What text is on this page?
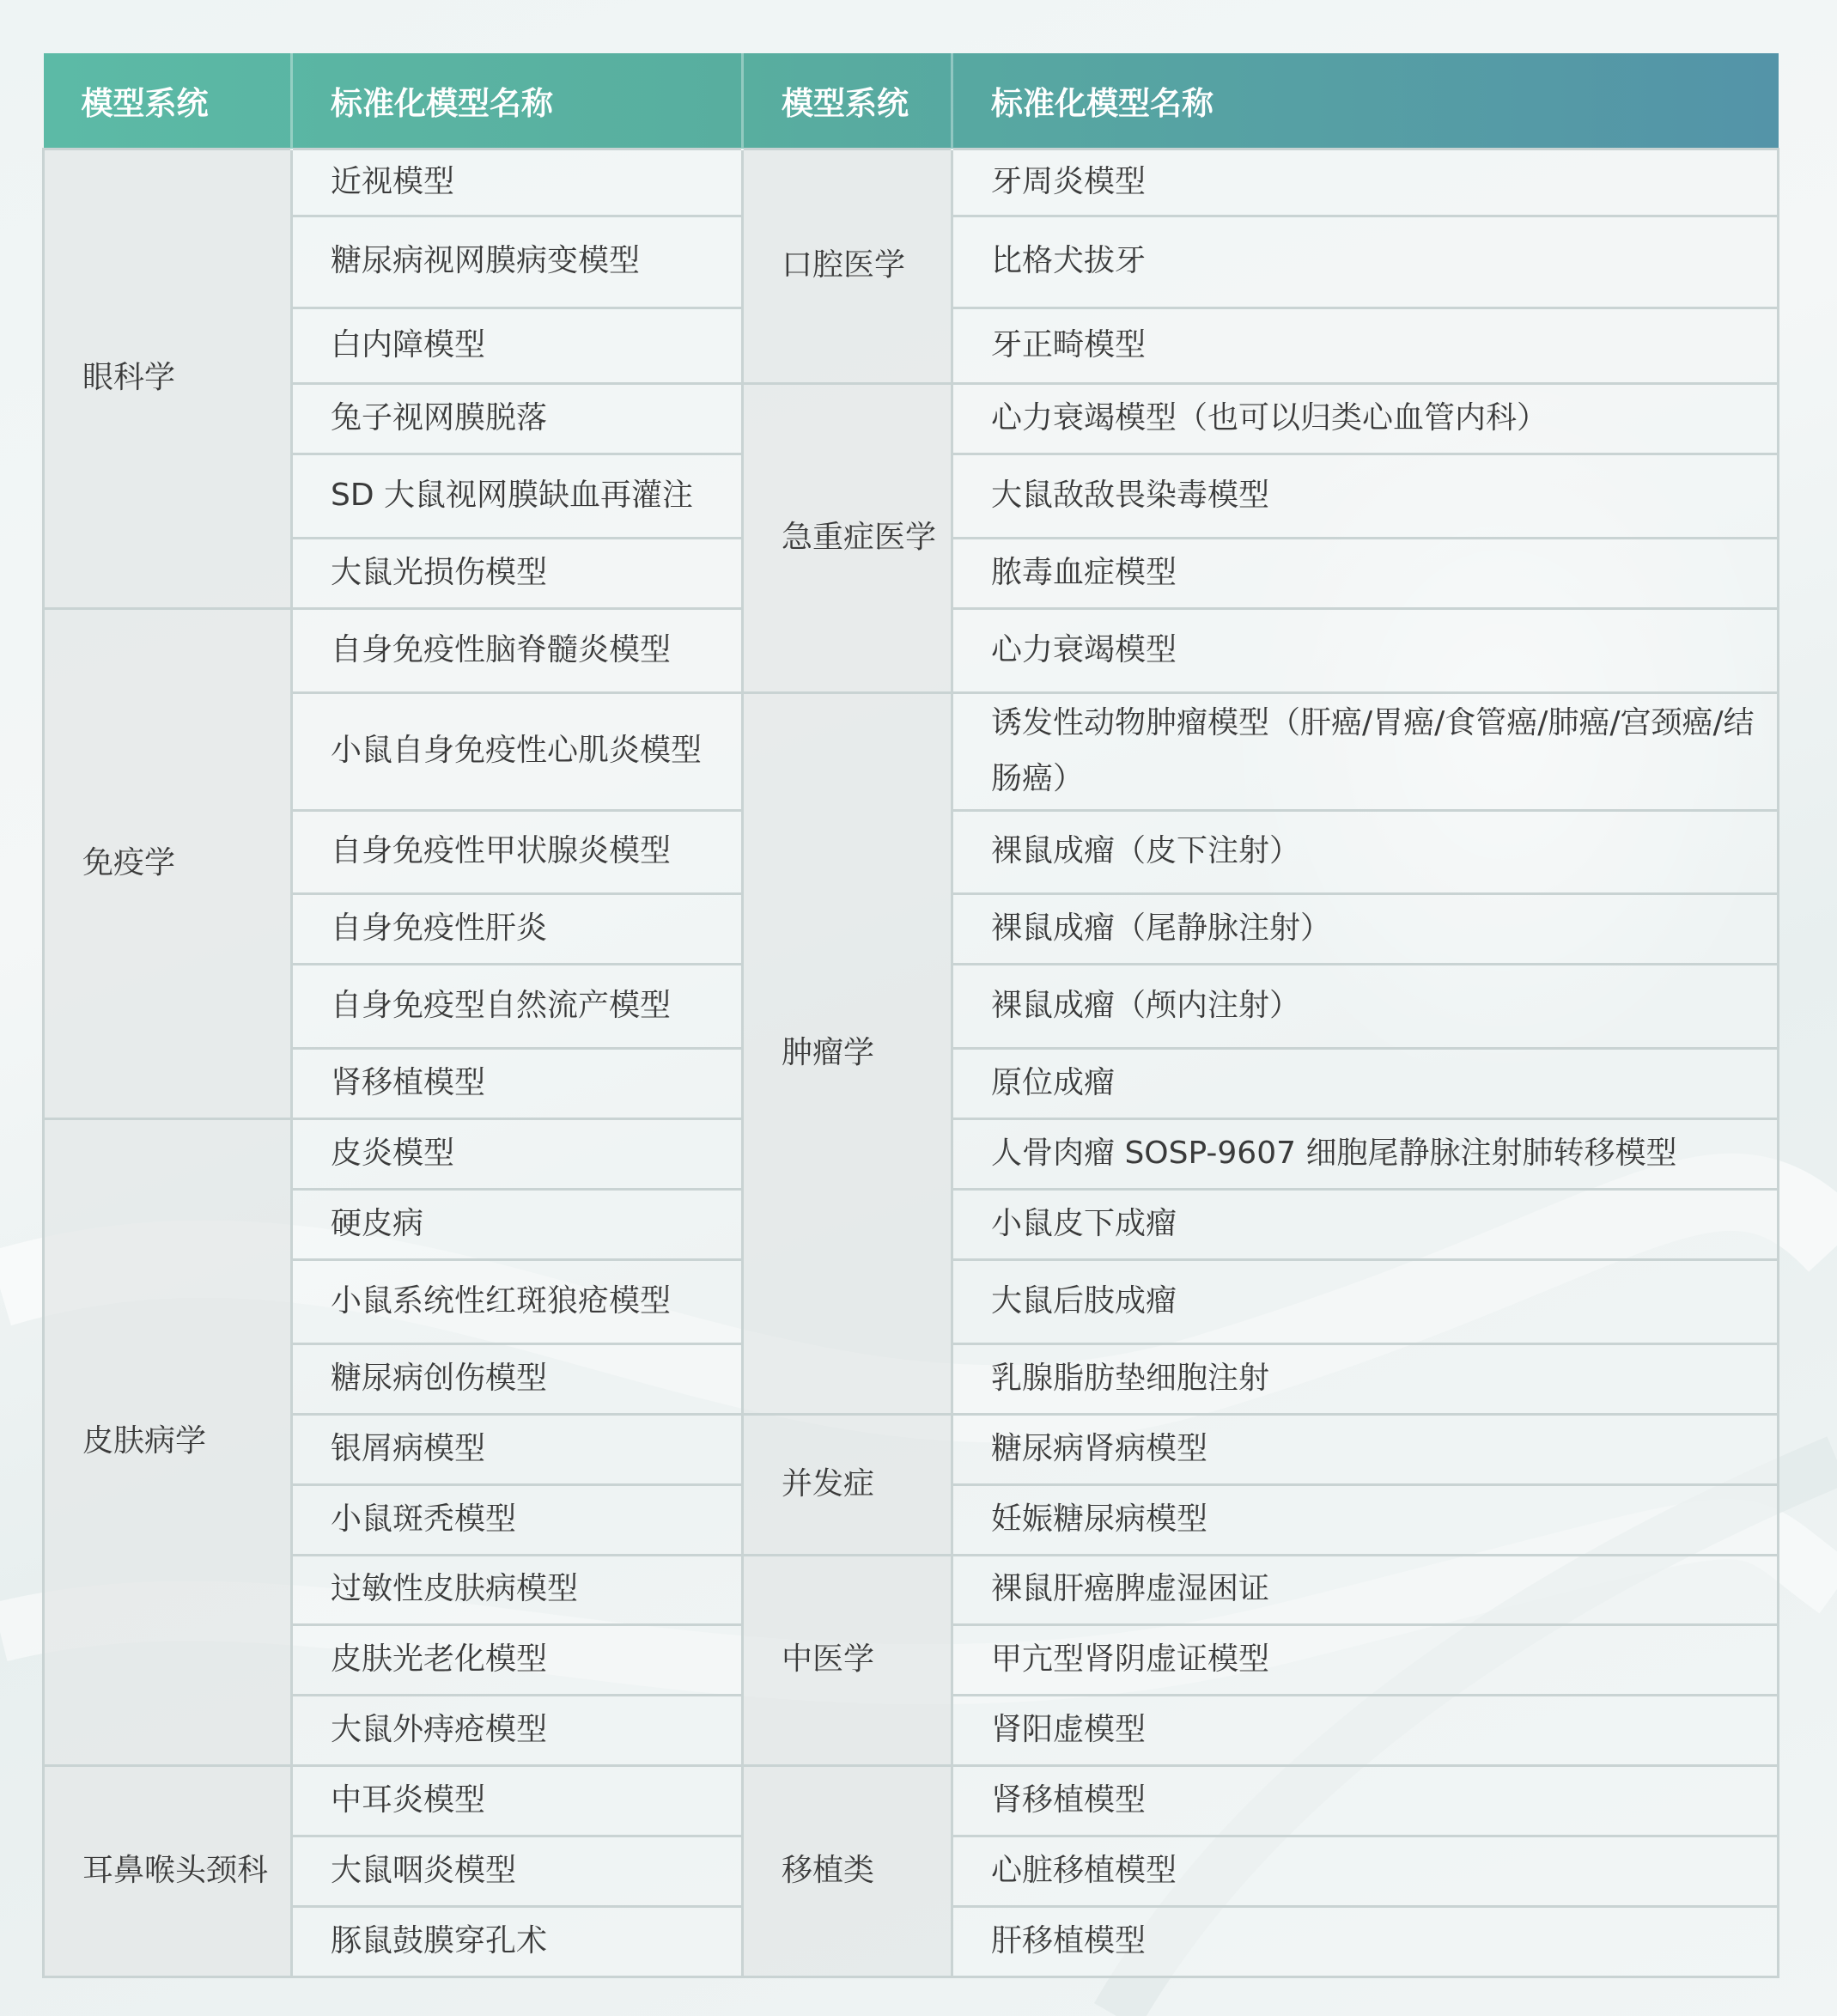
模型系统	标准化模型名称	模型系统	标准化模型名称
眼科学	近视模型	口腔医学	牙周炎模型
	糖尿病视网膜病变模型		比格犬拔牙
	白内障模型		牙正畸模型
	兔子视网膜脱落	急重症医学	心力衰竭模型（也可以归类心血管内科）
	SD 大鼠视网膜缺血再灌注		大鼠敌敌畏染毒模型
	大鼠光损伤模型		脓毒血症模型
免疫学	自身免疫性脑脊髓炎模型		心力衰竭模型
	小鼠自身免疫性心肌炎模型	肿瘤学	诱发性动物肿瘤模型（肝癌/胃癌/食管癌/肺癌/宫颈癌/结肠癌）
	自身免疫性甲状腺炎模型		裸鼠成瘤（皮下注射）
	自身免疫性肝炎		裸鼠成瘤（尾静脉注射）
	自身免疫型自然流产模型		裸鼠成瘤（颅内注射）
	肾移植模型		原位成瘤
皮肤病学	皮炎模型		人骨肉瘤 SOSP-9607 细胞尾静脉注射肺转移模型
	硬皮病		小鼠皮下成瘤
	小鼠系统性红斑狼疮模型		大鼠后肢成瘤
	糖尿病创伤模型		乳腺脂肪垫细胞注射
	银屑病模型	并发症	糖尿病肾病模型
	小鼠斑秃模型		妊娠糖尿病模型
	过敏性皮肤病模型	中医学	裸鼠肝癌脾虚湿困证
	皮肤光老化模型		甲亢型肾阴虚证模型
	大鼠外痔疮模型		肾阳虚模型
耳鼻喉头颈科	中耳炎模型	移植类	肾移植模型
	大鼠咽炎模型		心脏移植模型
	豚鼠鼓膜穿孔术		肝移植模型
